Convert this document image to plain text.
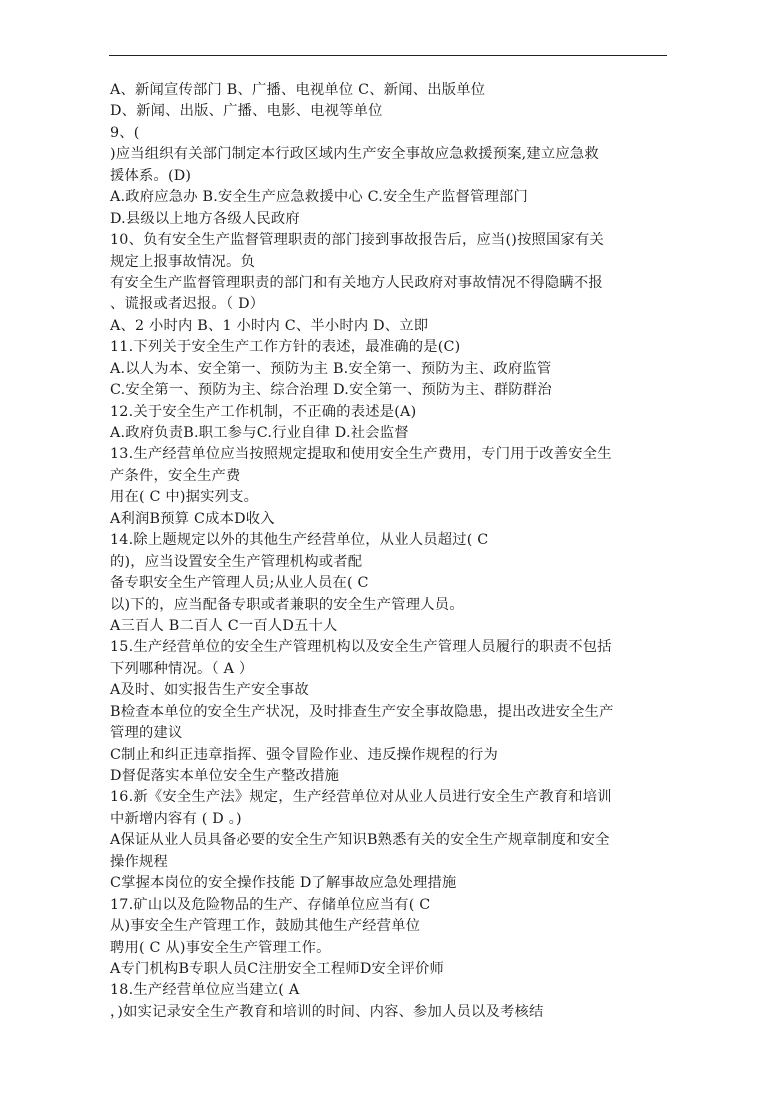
A、新闻宣传部门 B、广播、电视单位 C、新闻、出版单位
D、新闻、出版、广播、电影、电视等单位
9、(
)应当组织有关部门制定本行政区域内生产安全事故应急救援预案,建立应急救
援体系。(D)
A.政府应急办 B.安全生产应急救援中心 C.安全生产监督管理部门
D.县级以上地方各级人民政府
10、负有安全生产监督管理职责的部门接到事故报告后，应当()按照国家有关
规定上报事故情况。负
有安全生产监督管理职责的部门和有关地方人民政府对事故情况不得隐瞒不报
、谎报或者迟报。（ D）
A、2 小时内 B、1 小时内 C、半小时内 D、立即
11.下列关于安全生产工作方针的表述，最准确的是(C)
A.以人为本、安全第一、预防为主 B.安全第一、预防为主、政府监管
C.安全第一、预防为主、综合治理 D.安全第一、预防为主、群防群治
12.关于安全生产工作机制，不正确的表述是(A)
A.政府负责B.职工参与C.行业自律 D.社会监督
13.生产经营单位应当按照规定提取和使用安全生产费用，专门用于改善安全生
产条件，安全生产费
用在( C 中)据实列支。
A利润B预算 C成本D收入
14.除上题规定以外的其他生产经营单位，从业人员超过( C
的)，应当设置安全生产管理机构或者配
备专职安全生产管理人员;从业人员在( C
以)下的，应当配备专职或者兼职的安全生产管理人员。
A三百人 B二百人 C一百人D五十人
15.生产经营单位的安全生产管理机构以及安全生产管理人员履行的职责不包括
下列哪种情况。（ A ）
A及时、如实报告生产安全事故
B检查本单位的安全生产状况，及时排查生产安全事故隐患，提出改进安全生产
管理的建议
C制止和纠正违章指挥、强令冒险作业、违反操作规程的行为
D督促落实本单位安全生产整改措施
16.新《安全生产法》规定，生产经营单位对从业人员进行安全生产教育和培训
中新增内容有 ( D 。)
A保证从业人员具备必要的安全生产知识B熟悉有关的安全生产规章制度和安全
操作规程
C掌握本岗位的安全操作技能 D了解事故应急处理措施
17.矿山以及危险物品的生产、存储单位应当有( C
从)事安全生产管理工作，鼓励其他生产经营单位
聘用( C 从)事安全生产管理工作。
A专门机构B专职人员C注册安全工程师D安全评价师
18.生产经营单位应当建立( A
，)如实记录安全生产教育和培训的时间、内容、参加人员以及考核结
